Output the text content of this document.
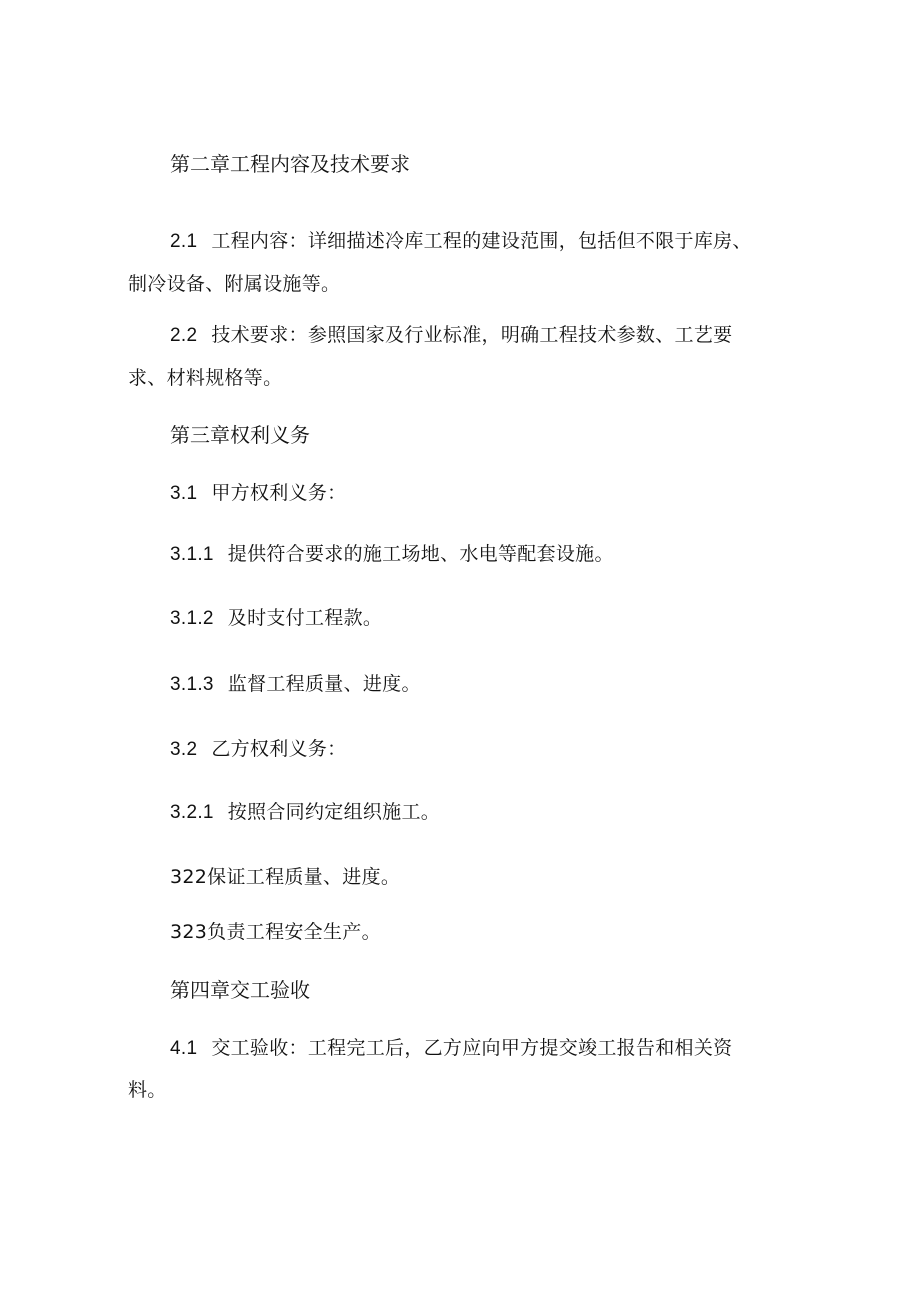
第二章工程内容及技术要求
2.1 工程内容：详细描述冷库工程的建设范围，包括但不限于库房、
制冷设备、附属设施等。
2.2 技术要求：参照国家及行业标准，明确工程技术参数、工艺要
求、材料规格等。
第三章权利义务
3.1 甲方权利义务：
3.1.1 提供符合要求的施工场地、水电等配套设施。
3.1.2 及时支付工程款。
3.1.3 监督工程质量、进度。
3.2 乙方权利义务：
3.2.1 按照合同约定组织施工。
322保证工程质量、进度。
323负责工程安全生产。
第四章交工验收
4.1 交工验收：工程完工后，乙方应向甲方提交竣工报告和相关资
料。
